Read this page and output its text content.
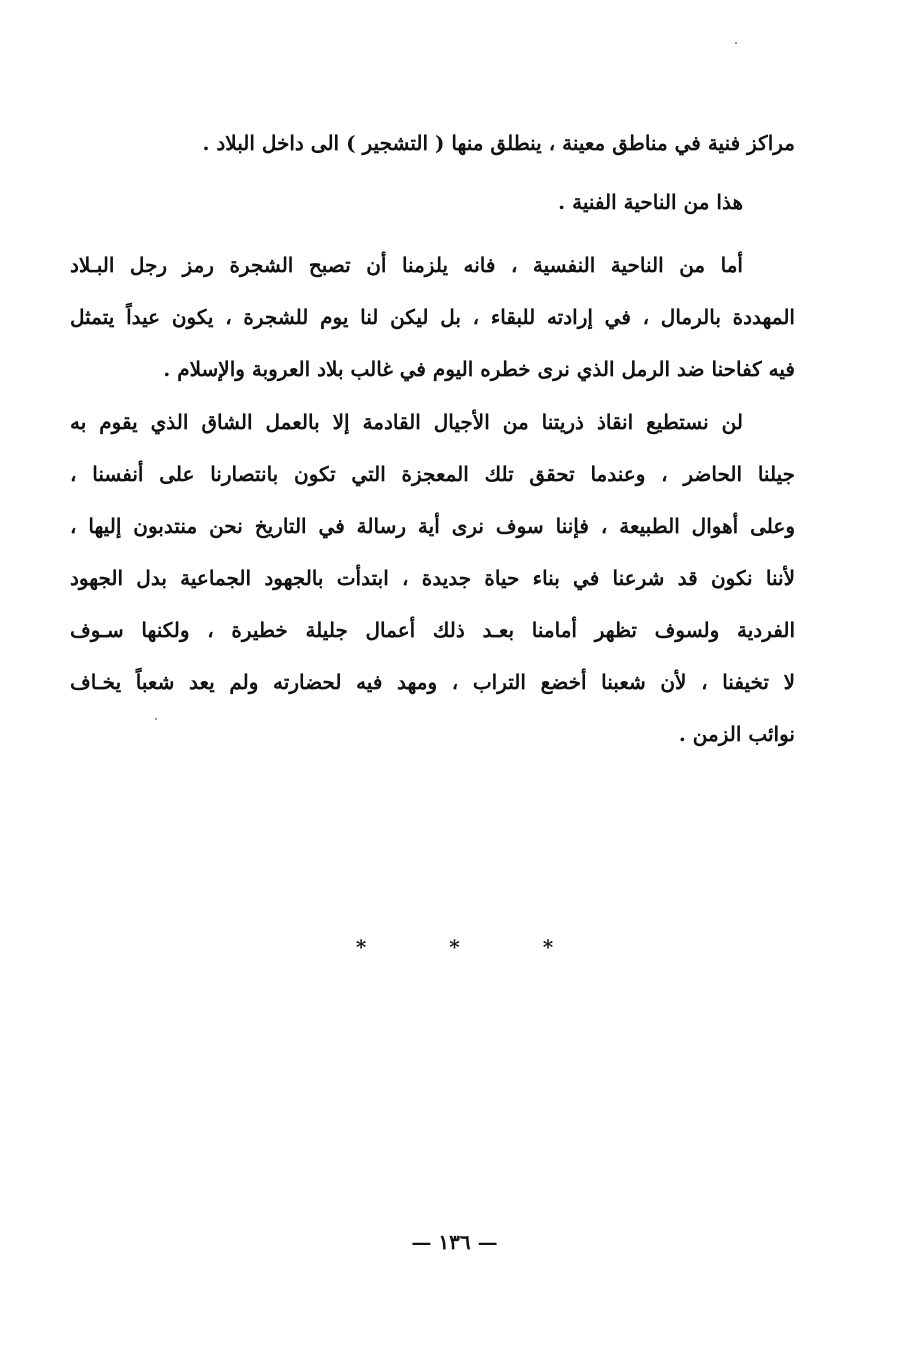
مراكز فنية في مناطق معينة ، ينطلق منها ( التشجير ) الى داخل البلاد .
هذا من الناحية الفنية .
أما من الناحية النفسية ، فانه يلزمنا أن تصبح الشجرة رمز رجل البـلاد
المهددة بالرمال ، في إرادته للبقاء ، بل ليكن لنا يوم للشجرة ، يكون عيداً يتمثل
فيه كفاحنا ضد الرمل الذي نرى خطره اليوم في غالب بلاد العروبة والإسلام .
لن نستطيع انقاذ ذريتنا من الأجيال القادمة إلا بالعمل الشاق الذي يقوم به
جيلنا الحاضر ، وعندما تحقق تلك المعجزة التي تكون بانتصارنا على أنفسنا ،
وعلى أهوال الطبيعة ، فإننا سوف نرى أية رسالة في التاريخ نحن منتدبون إليها ،
لأننا نكون قد شرعنا في بناء حياة جديدة ، ابتدأت بالجهود الجماعية بدل الجهود
الفردية ولسوف تظهر أمامنا بعـد ذلك أعمال جليلة خطيرة ، ولكنها سـوف
لا تخيفنا ، لأن شعبنا أخضع التراب ، ومهد فيه لحضارته ولم يعد شعباً يخـاف
نوائب الزمن .
* * *
— ١٣٦ —
